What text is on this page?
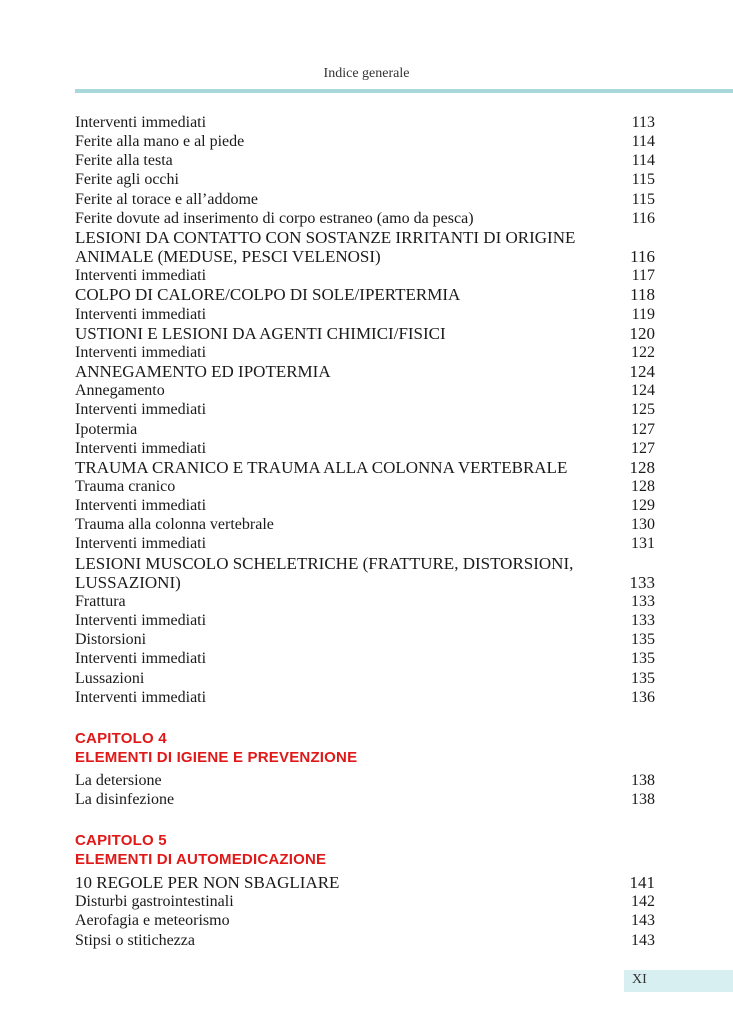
Indice generale
Interventi immediati	113
Ferite alla mano e al piede	114
Ferite alla testa	114
Ferite agli occhi	115
Ferite al torace e all’addome	115
Ferite dovute ad inserimento di corpo estraneo (amo da pesca)	116
LESIONI DA CONTATTO CON SOSTANZE IRRITANTI DI ORIGINE
ANIMALE (MEDUSE, PESCI VELENOSI)	116
Interventi immediati	117
COLPO DI CALORE/COLPO DI SOLE/IPERTERMIA	118
Interventi immediati	119
USTIONI E LESIONI DA AGENTI CHIMICI/FISICI	120
Interventi immediati	122
ANNEGAMENTO ED IPOTERMIA	124
Annegamento	124
Interventi immediati	125
Ipotermia	127
Interventi immediati	127
TRAUMA CRANICO E TRAUMA ALLA COLONNA VERTEBRALE	128
Trauma cranico	128
Interventi immediati	129
Trauma alla colonna vertebrale	130
Interventi immediati	131
LESIONI MUSCOLO SCHELETRICHE (FRATTURE, DISTORSIONI,
LUSSAZIONI)	133
Frattura	133
Interventi immediati	133
Distorsioni	135
Interventi immediati	135
Lussazioni	135
Interventi immediati	136
CAPITOLO 4
ELEMENTI DI IGIENE E PREVENZIONE
La detersione	138
La disinfezione	138
CAPITOLO 5
ELEMENTI DI AUTOMEDICAZIONE
10 REGOLE PER NON SBAGLIARE	141
Disturbi gastrointestinali	142
Aerofagia e meteorismo	143
Stipsi o stitichezza	143
XI
